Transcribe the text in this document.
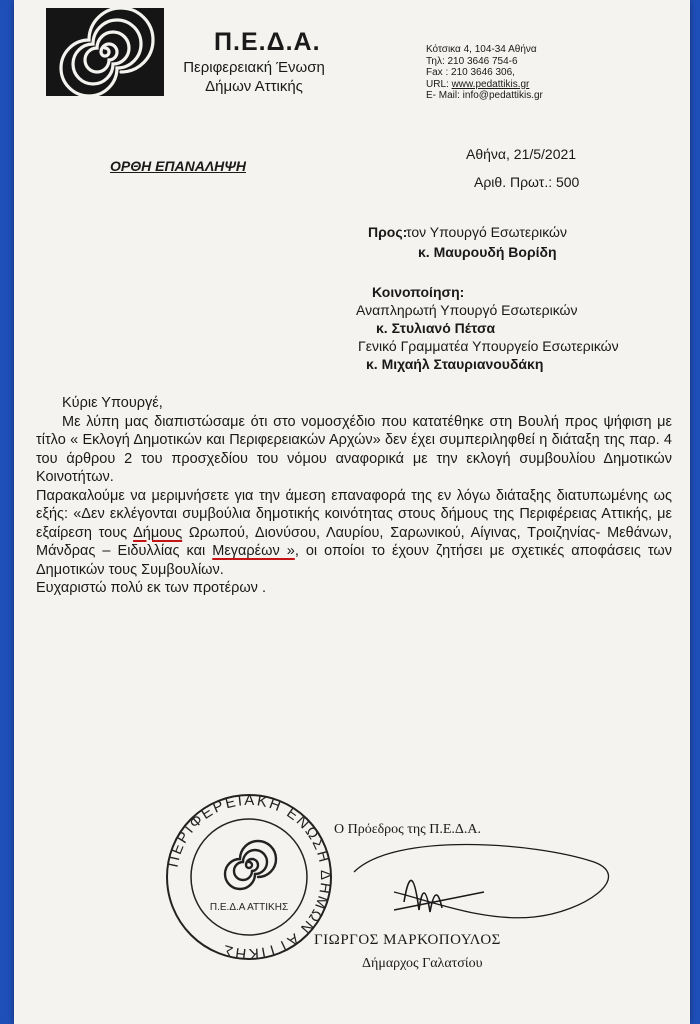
Π.Ε.Δ.Α.
Περιφερειακή Ένωση
Δήμων Αττικής
Κότσικα 4, 104-34 Αθήνα
Τηλ: 210 3646 754-6
Fax : 210 3646 306,
URL: www.pedattikis.gr
E- Mail: info@pedattikis.gr
ΟΡΘΗ ΕΠΑΝΑΛΗΨΗ
Αθήνα, 21/5/2021
Αριθ. Πρωτ.: 500
Προς:
τον Υπουργό Εσωτερικών
κ. Μαυρουδή Βορίδη
Κοινοποίηση:
Αναπληρωτή Υπουργό Εσωτερικών
κ. Στυλιανό Πέτσα
Γενικό Γραμματέα Υπουργείο Εσωτερικών
κ. Μιχαήλ Σταυριανουδάκη

Κύριε Υπουργέ,

Με λύπη μας διαπιστώσαμε ότι στο νομοσχέδιο που κατατέθηκε στη Βουλή προς ψήφιση με τίτλο « Εκλογή Δημοτικών και Περιφερειακών Αρχών» δεν έχει συμπεριληφθεί η διάταξη της παρ. 4 του άρθρου 2 του προσχεδίου του νόμου αναφορικά με την εκλογή συμβουλίου Δημοτικών Κοινοτήτων.

Παρακαλούμε να μεριμνήσετε για την άμεση επαναφορά της εν λόγω διάταξης διατυπωμένης ως εξής: «Δεν εκλέγονται συμβούλια δημοτικής κοινότητας στους δήμους της Περιφέρειας Αττικής, με εξαίρεση τους Δήμους Ωρωπού, Διονύσου, Λαυρίου, Σαρωνικού, Αίγινας, Τροιζηνίας- Μεθάνων, Μάνδρας – Ειδυλλίας και Μεγαρέων », οι οποίοι το έχουν ζητήσει με σχετικές αποφάσεις των Δημοτικών τους Συμβουλίων.

Ευχαριστώ πολύ εκ των προτέρων .

ΠΕΡΙΦΕΡΕΙΑΚΗ ΕΝΩΣΗ ΔΗΜΩΝ ΑΤΤΙΚΗΣ
Π.Ε.Δ.Α ΑΤΤΙΚΗΣ
Ο Πρόεδρος της Π.Ε.Δ.Α.
ΓΙΩΡΓΟΣ ΜΑΡΚΟΠΟΥΛΟΣ
Δήμαρχος Γαλατσίου
